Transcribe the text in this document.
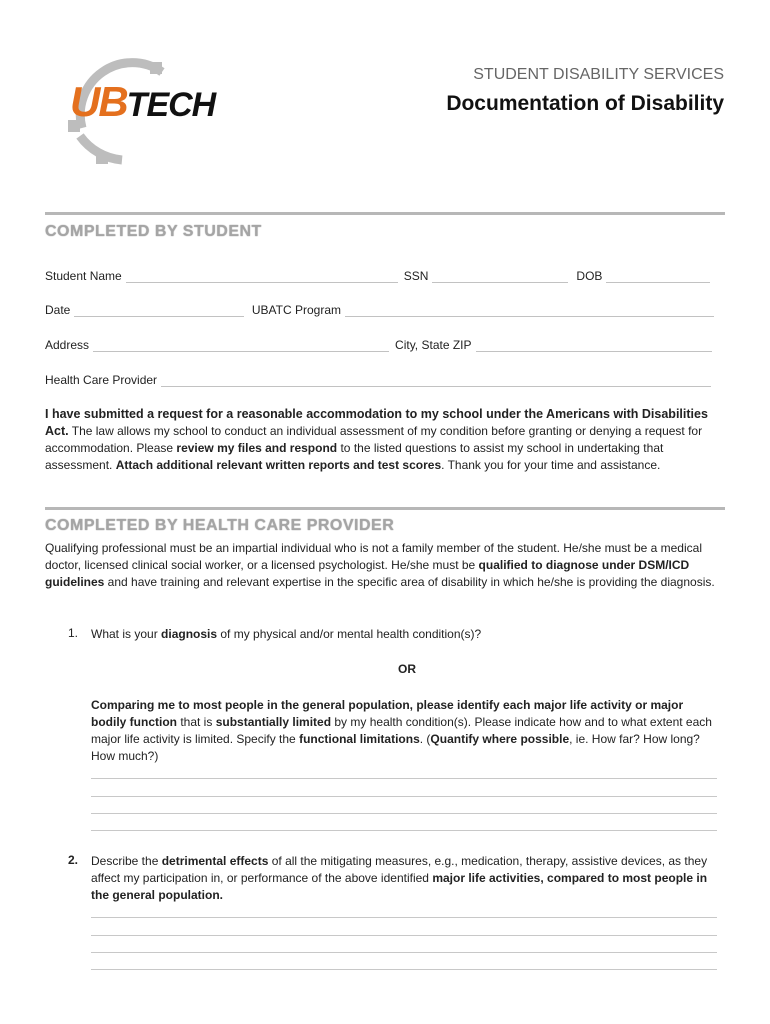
UBTECH
STUDENT DISABILITY SERVICES
Documentation of Disability
COMPLETED BY STUDENT
Student Name	SSN	DOB
Date	UBATC Program
Address	City, State ZIP
Health Care Provider
I have submitted a request for a reasonable accommodation to my school under the Americans with Disabilities Act. The law allows my school to conduct an individual assessment of my condition before granting or denying a request for accommodation. Please review my files and respond to the listed questions to assist my school in undertaking that assessment. Attach additional relevant written reports and test scores. Thank you for your time and assistance.
COMPLETED BY HEALTH CARE PROVIDER
Qualifying professional must be an impartial individual who is not a family member of the student. He/she must be a medical doctor, licensed clinical social worker, or a licensed psychologist. He/she must be qualified to diagnose under DSM/ICD guidelines and have training and relevant expertise in the specific area of disability in which he/she is providing the diagnosis.
1. What is your diagnosis of my physical and/or mental health condition(s)?
OR
Comparing me to most people in the general population, please identify each major life activity or major bodily function that is substantially limited by my health condition(s). Please indicate how and to what extent each major life activity is limited. Specify the functional limitations. (Quantify where possible, ie. How far? How long? How much?)
2. Describe the detrimental effects of all the mitigating measures, e.g., medication, therapy, assistive devices, as they affect my participation in, or performance of the above identified major life activities, compared to most people in the general population.
